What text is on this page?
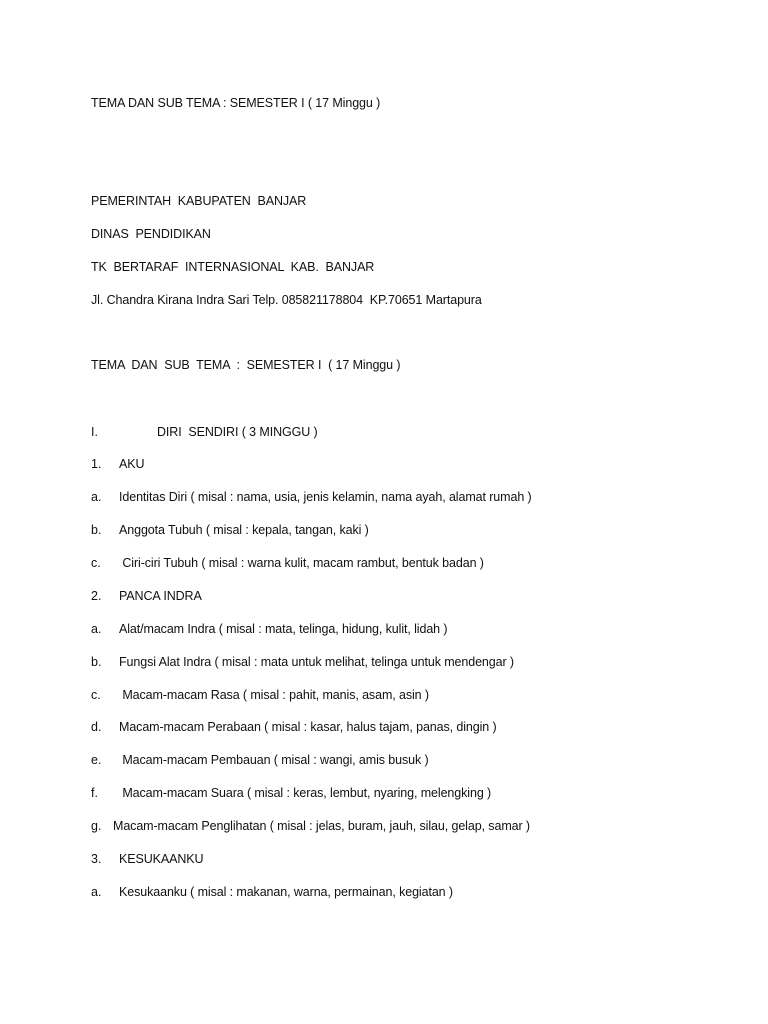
TEMA DAN SUB TEMA : SEMESTER I ( 17 Minggu )
PEMERINTAH  KABUPATEN  BANJAR
DINAS  PENDIDIKAN
TK  BERTARAF  INTERNASIONAL  KAB.  BANJAR
Jl. Chandra Kirana Indra Sari Telp. 085821178804  KP.70651 Martapura
TEMA  DAN  SUB  TEMA  :  SEMESTER I  ( 17 Minggu )
I.	DIRI  SENDIRI ( 3 MINGGU )
1. AKU
a. Identitas Diri ( misal : nama, usia, jenis kelamin, nama ayah, alamat rumah )
b. Anggota Tubuh ( misal : kepala, tangan, kaki )
c. Ciri-ciri Tubuh ( misal : warna kulit, macam rambut, bentuk badan )
2. PANCA INDRA
a. Alat/macam Indra ( misal : mata, telinga, hidung, kulit, lidah )
b. Fungsi Alat Indra ( misal : mata untuk melihat, telinga untuk mendengar )
c. Macam-macam Rasa ( misal : pahit, manis, asam, asin )
d. Macam-macam Perabaan ( misal : kasar, halus tajam, panas, dingin )
e. Macam-macam Pembauan ( misal : wangi, amis busuk )
f. Macam-macam Suara ( misal : keras, lembut, nyaring, melengking )
g. Macam-macam Penglihatan ( misal : jelas, buram, jauh, silau, gelap, samar )
3. KESUKAANKU
a. Kesukaanku ( misal : makanan, warna, permainan, kegiatan )
